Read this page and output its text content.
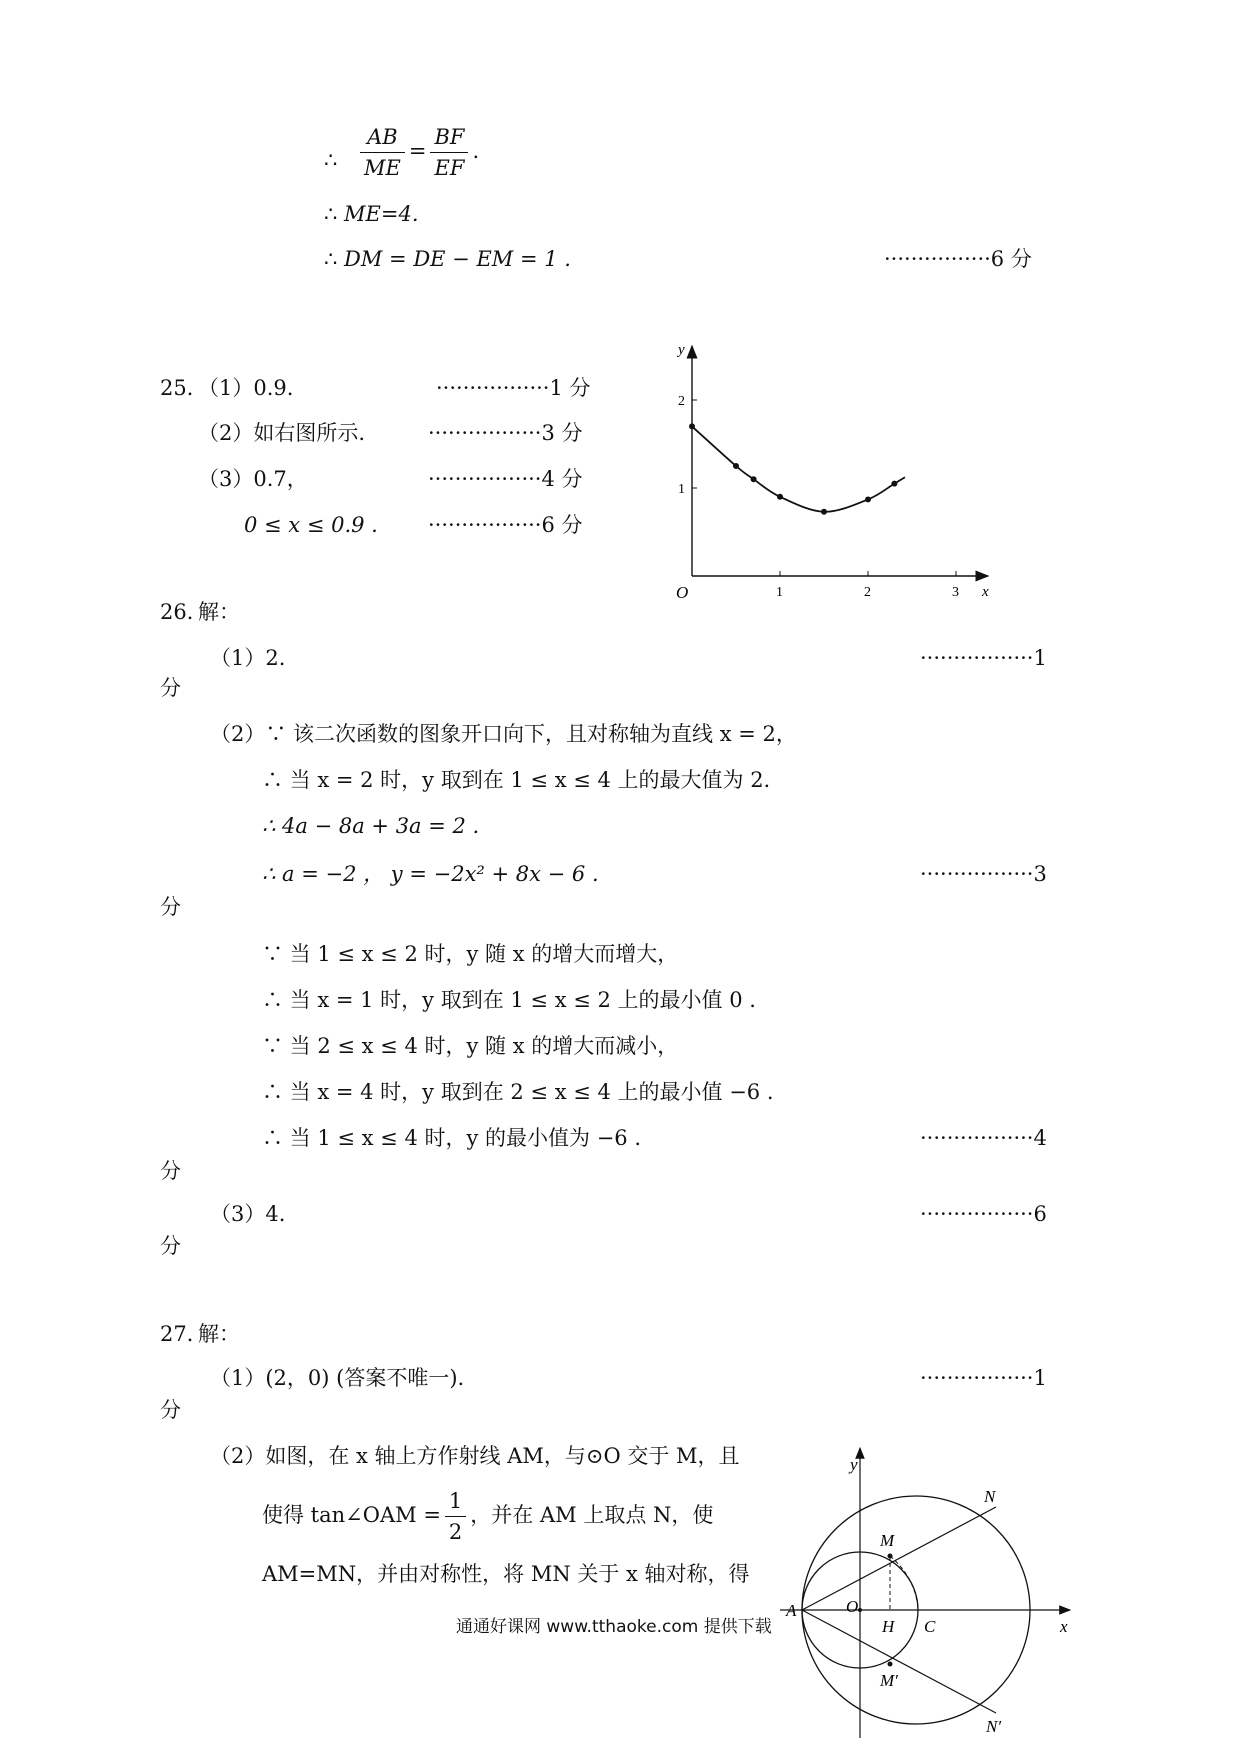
∴ $\frac{AB}{ME} = \frac{BF}{EF}$ .
∴ ME=4.
∴ DM = DE − EM = 1 .	················6 分
25．
（1）0.9.	·················1 分
（2）如右图所示.	·················3 分
（3）0.7，	·················4 分
0 ≤ x ≤ 0.9 . ·················6 分
O	x
y
1	2	3
1
2
26．
解：
（1）2.	·················1
分
（2）∵ 该二次函数的图象开口向下，且对称轴为直线 x = 2，
∴ 当 x = 2 时，y 取到在 1 ≤ x ≤ 4 上的最大值为 2.
∴ 4a − 8a + 3a = 2 .
∴ a = −2 ， y = −2x² + 8x − 6 .	·················3
分
∵ 当 1 ≤ x ≤ 2 时，y 随 x 的增大而增大，
∴ 当 x = 1 时，y 取到在 1 ≤ x ≤ 2 上的最小值 0 .
∵ 当 2 ≤ x ≤ 4 时，y 随 x 的增大而减小，
∴ 当 x = 4 时，y 取到在 2 ≤ x ≤ 4 上的最小值 −6 .
∴ 当 1 ≤ x ≤ 4 时，y 的最小值为 −6 .	·················4
分
（3）4.	·················6
分
27．
解：
（1）(2，0) (答案不唯一).	·················1
分
（2）如图，在 x 轴上方作射线 AM，与⊙O 交于 M，且
使得 tan∠OAM = $\frac{1}{2}$ ，并在 AM 上取点 N，使
AM=MN，并由对称性，将 MN 关于 x 轴对称，得
y
x
N
M
A	O
H C
M′
N′
通通好课网 www.tthaoke.com 提供下载
